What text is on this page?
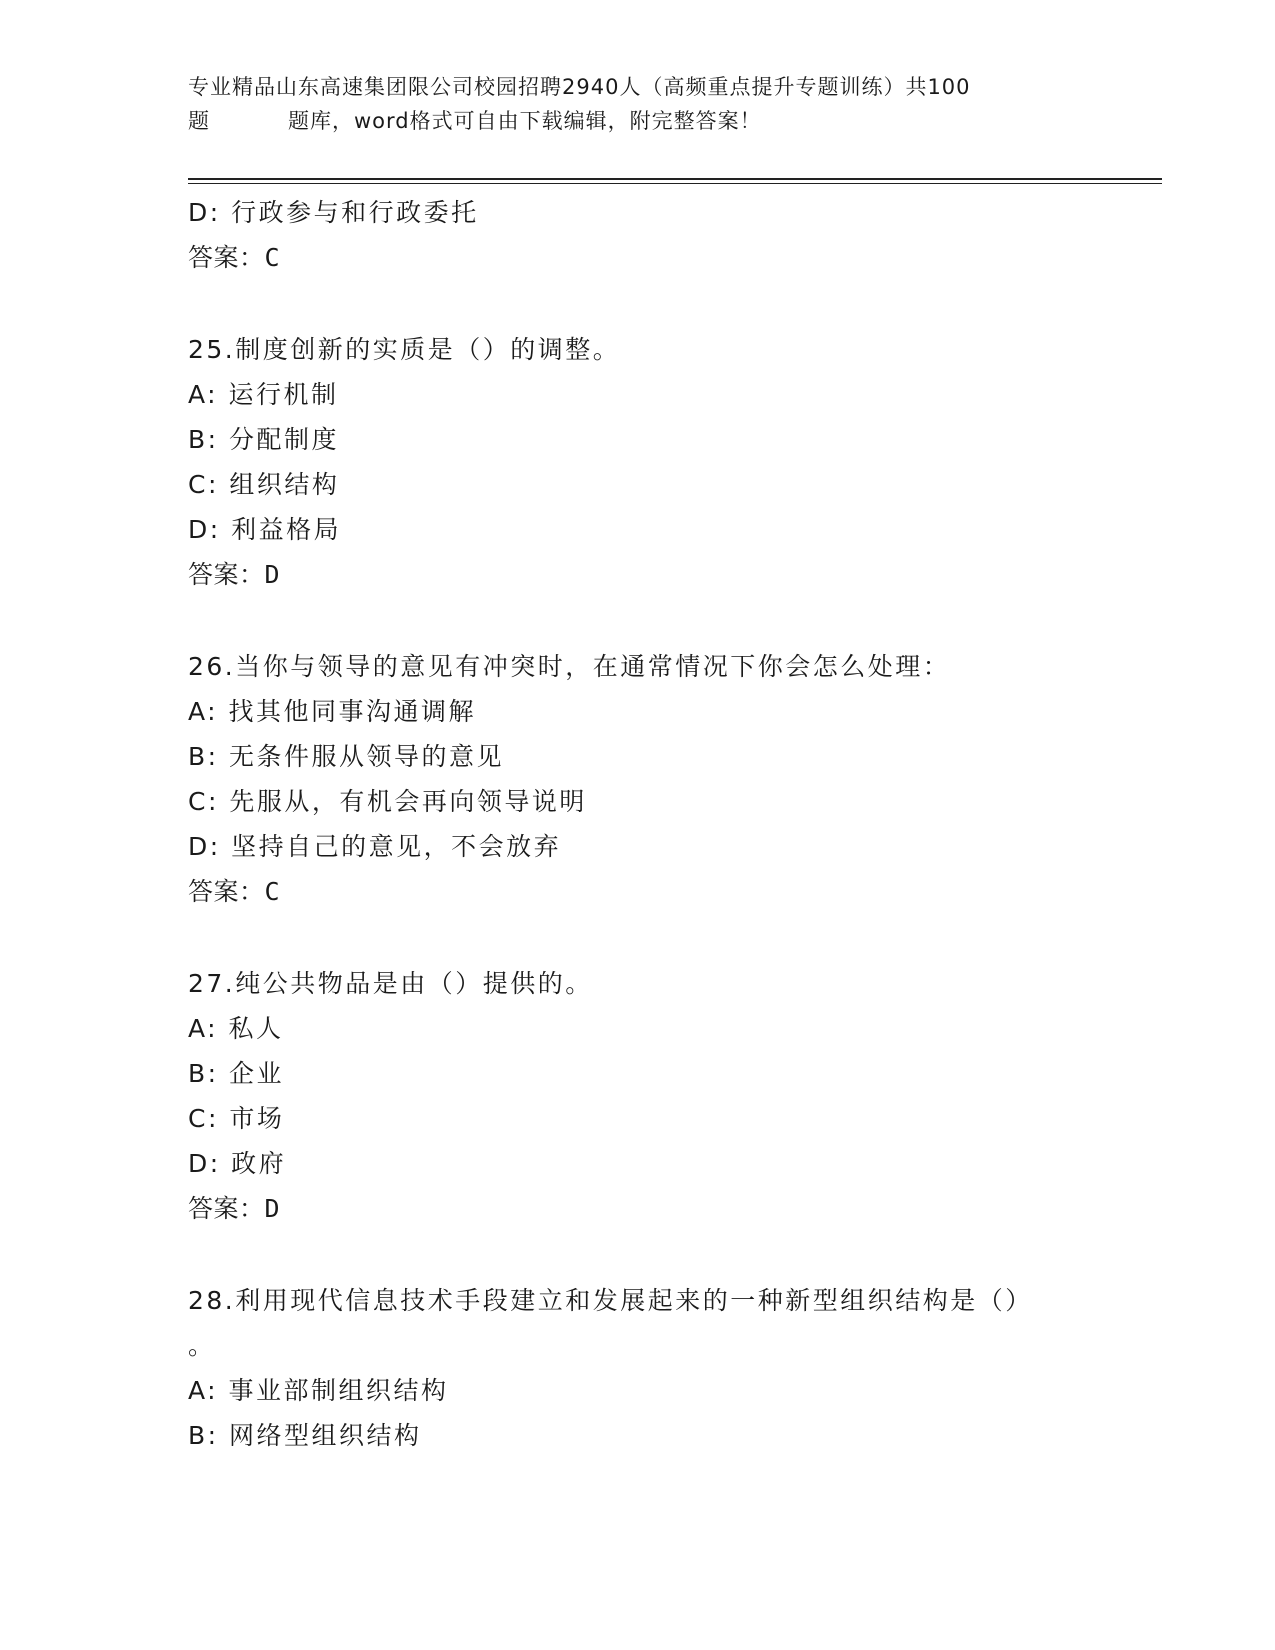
专业精品山东高速集团限公司校园招聘2940人（高频重点提升专题训练）共100
题	题库，word格式可自由下载编辑，附完整答案！
D: 行政参与和行政委托
答案：C
25.制度创新的实质是（）的调整。
A: 运行机制
B: 分配制度
C: 组织结构
D: 利益格局
答案：D
26.当你与领导的意见有冲突时，在通常情况下你会怎么处理：
A: 找其他同事沟通调解
B: 无条件服从领导的意见
C: 先服从，有机会再向领导说明
D: 坚持自己的意见，不会放弃
答案：C
27.纯公共物品是由（）提供的。
A: 私人
B: 企业
C: 市场
D: 政府
答案：D
28.利用现代信息技术手段建立和发展起来的一种新型组织结构是（）
。
A: 事业部制组织结构
B: 网络型组织结构
